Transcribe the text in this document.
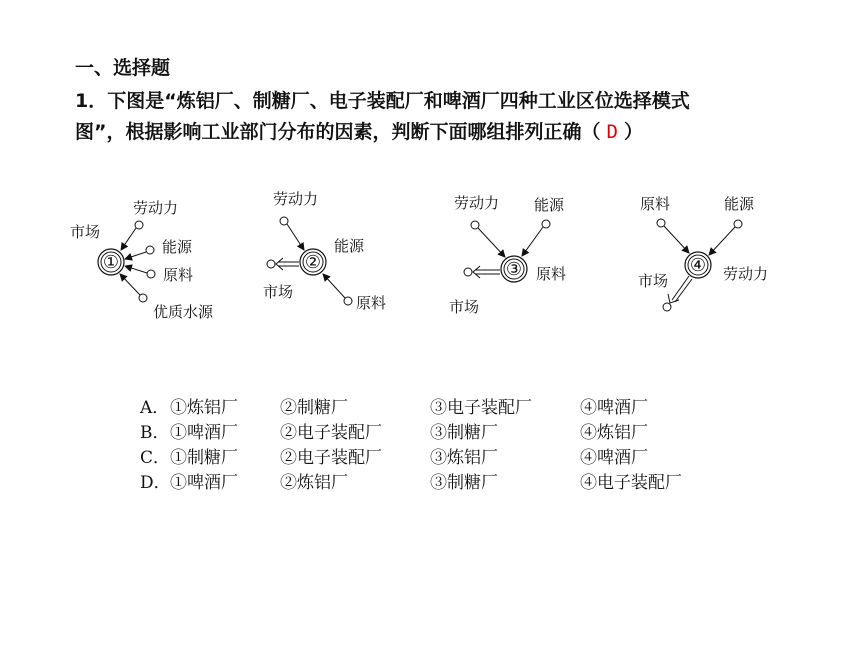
一、选择题
1．下图是“炼铝厂、制糖厂、电子装配厂和啤酒厂四种工业区位选择模式
图”，根据影响工业部门分布的因素，判断下面哪组排列正确（ D ）
①
劳动力
市场
能源
原料
优质水源
②
劳动力
能源
市场
原料
③
劳动力 能源
原料
市场
④
原料	能源
劳动力
市场
A． ①炼铝厂	②制糖厂	③电子装配厂	④啤酒厂
B． ①啤酒厂	②电子装配厂	③制糖厂	④炼铝厂
C． ①制糖厂	②电子装配厂	③炼铝厂	④啤酒厂
D． ①啤酒厂	②炼铝厂	③制糖厂	④电子装配厂
